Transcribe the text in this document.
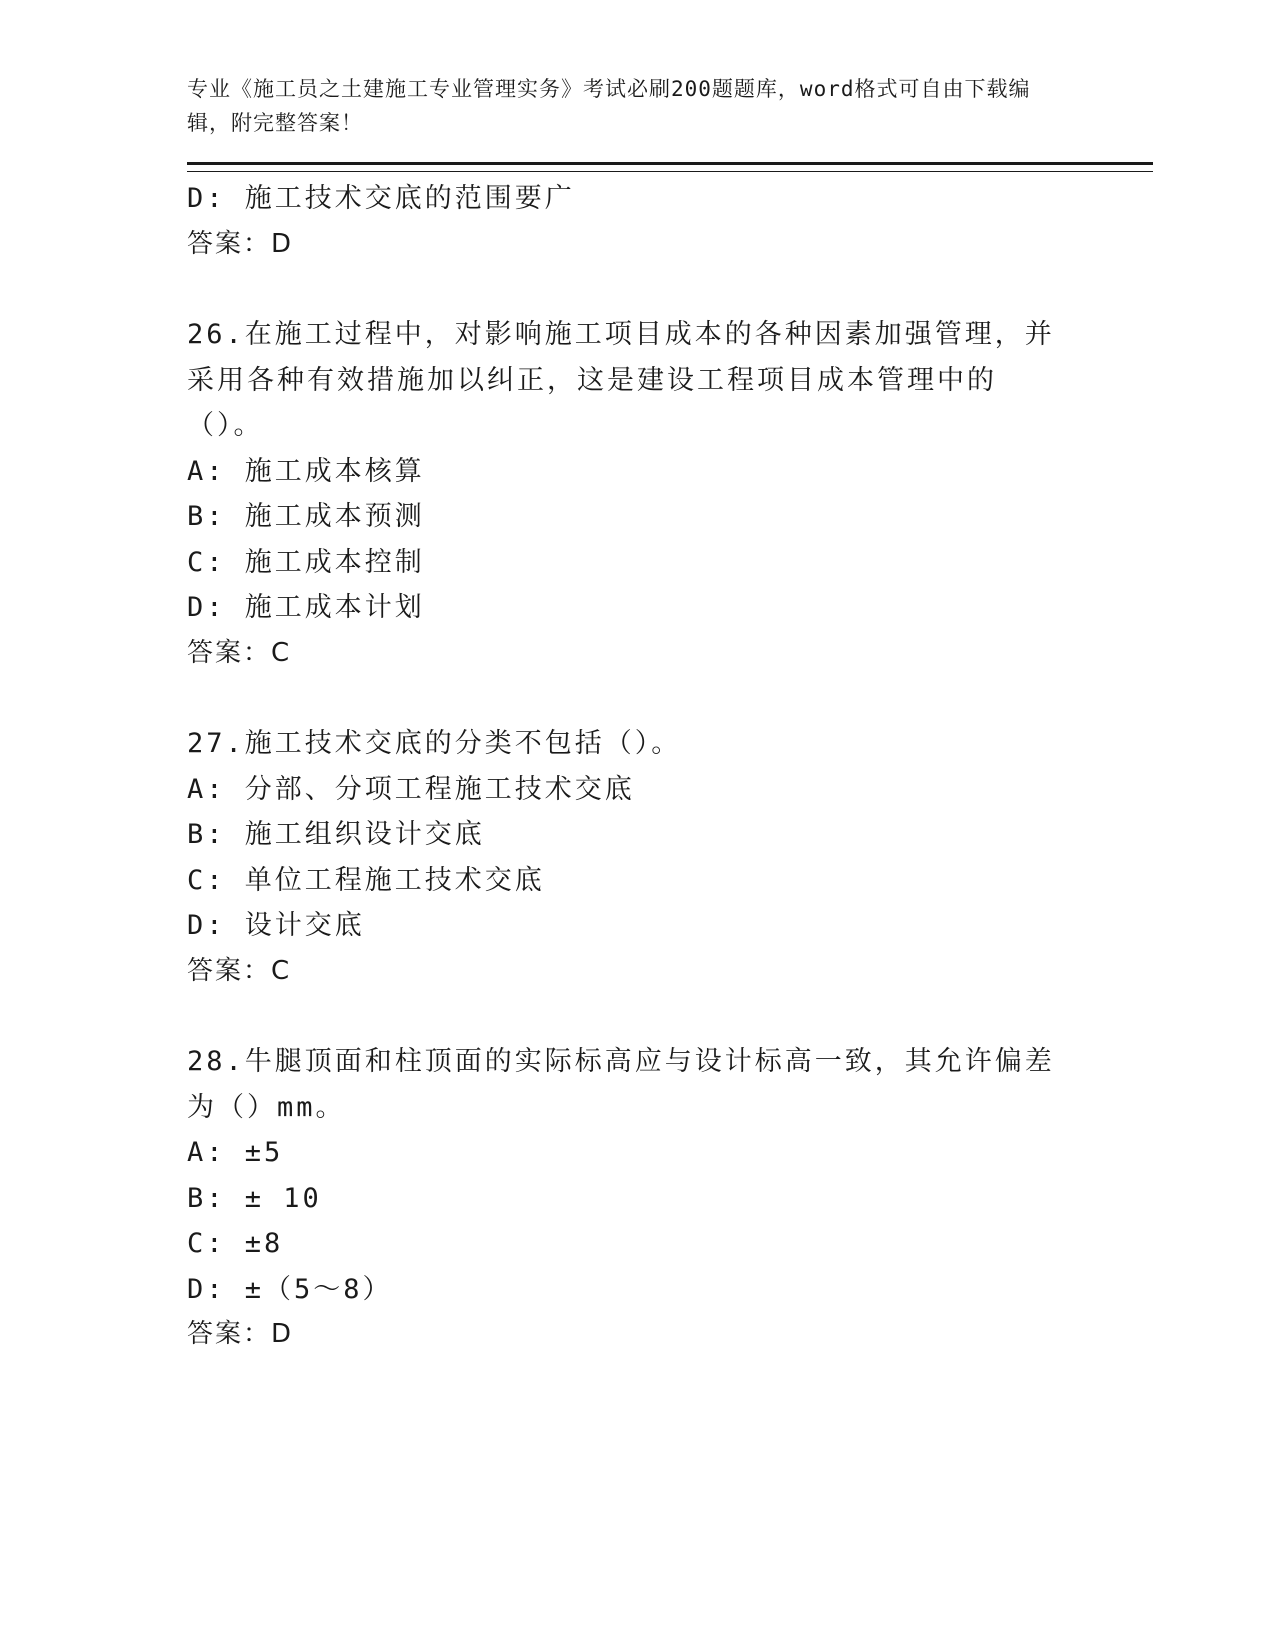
专业《施工员之土建施工专业管理实务》考试必刷200题题库，word格式可自由下载编辑，附完整答案！
D: 施工技术交底的范围要广
答案：D
26.在施工过程中，对影响施工项目成本的各种因素加强管理，并采用各种有效措施加以纠正，这是建设工程项目成本管理中的（）。
A: 施工成本核算
B: 施工成本预测
C: 施工成本控制
D: 施工成本计划
答案：C
27.施工技术交底的分类不包括（）。
A: 分部、分项工程施工技术交底
B: 施工组织设计交底
C: 单位工程施工技术交底
D: 设计交底
答案：C
28.牛腿顶面和柱顶面的实际标高应与设计标高一致，其允许偏差为（）mm。
A: ±5
B: ± 10
C: ±8
D: ±（5～8）
答案：D
